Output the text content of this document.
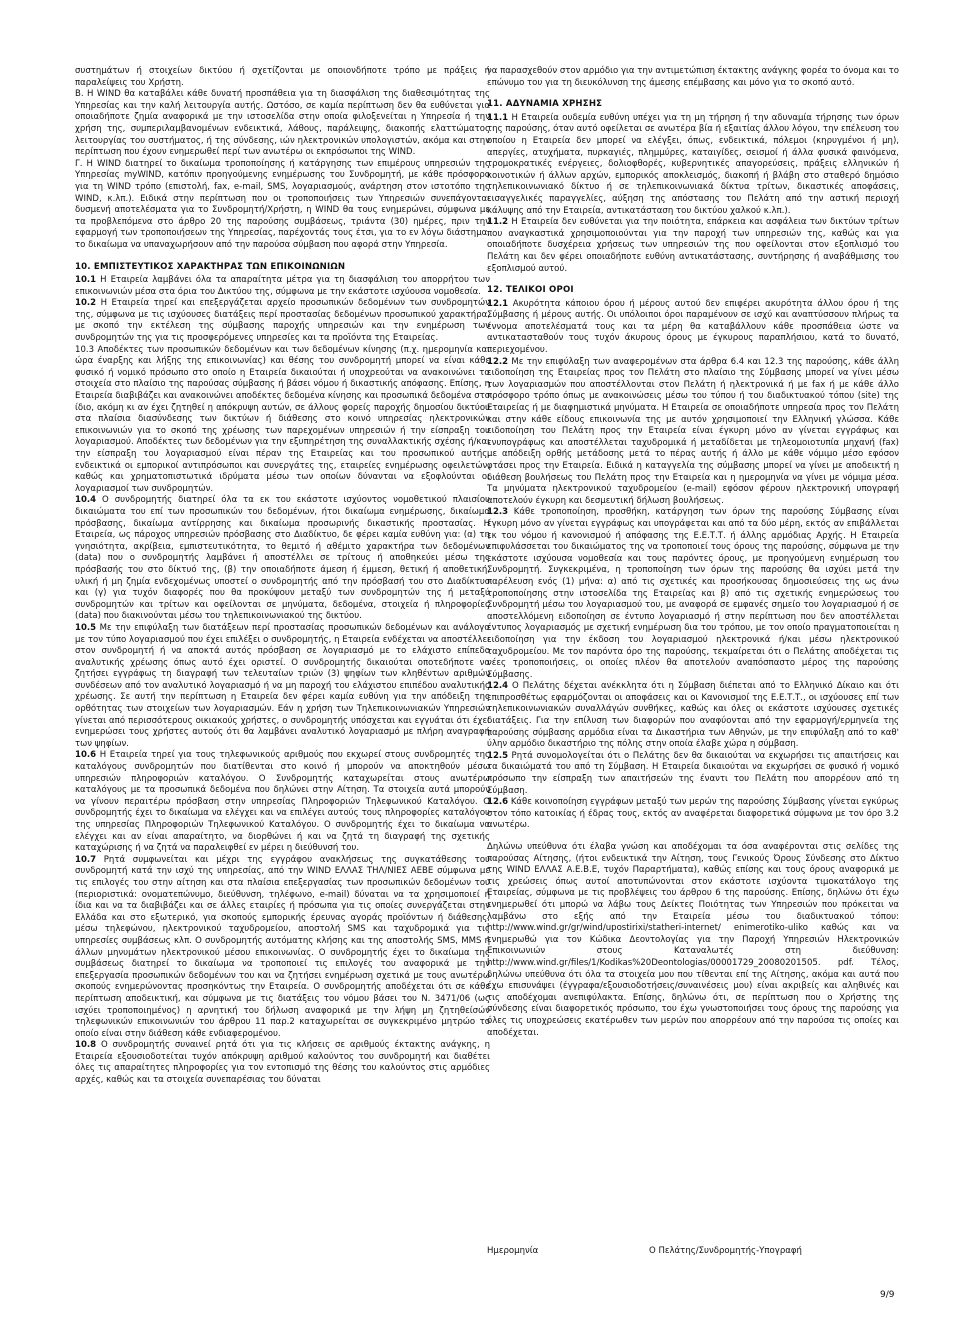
συστημάτων ή στοιχείων δικτύου ή σχετίζονται με οποιονδήποτε τρόπο με πράξεις ή παραλείψεις του Χρήστη.

Β. Η WIND θα καταβάλει κάθε δυνατή προσπάθεια για τη διασφάλιση της διαθεσιμότητας της Υπηρεσίας και την καλή λειτουργία αυτής. Ωστόσο, σε καμία περίπτωση δεν θα ευθύνεται για οποιαδήποτε ζημία αναφορικά με την ιστοσελίδα στην οποία φιλοξενείται η Υπηρεσία ή την χρήση της, συμπεριλαμβανομένων ενδεικτικά, λάθους, παράλειψης, διακοπής ελαττώματος λειτουργίας του συστήματος, ή της σύνδεσης, ιών ηλεκτρονικών υπολογιστών, ακόμα και στην περίπτωση που έχουν ενημερωθεί περί των ανωτέρω οι εκπρόσωποι της WIND.

Γ. Η WIND διατηρεί το δικαίωμα τροποποίησης ή κατάργησης των επιμέρους υπηρεσιών της Υπηρεσίας myWIND, κατόπιν προηγούμενης ενημέρωσης του Συνδρομητή, με κάθε πρόσφορο για τη WIND τρόπο (επιστολή, fax, e-mail, SMS, λογαριασμούς, ανάρτηση στον ιστοτόπο της WIND, κ.λπ.). Ειδικά στην περίπτωση που οι τροποποιήσεις των Υπηρεσιών συνεπάγονται δυσμενή αποτελέσματα για το Συνδρομητή/Χρήστη, η WIND θα τους ενημερώνει, σύμφωνα με τα προβλεπόμενα στο άρθρο 20 της παρούσης συμβάσεως, τριάντα (30) ημέρες, πριν την εφαρμογή των τροποποιήσεων της Υπηρεσίας, παρέχοντάς τους έτσι, για το εν λόγω διάστημα, το δικαίωμα να υπαναχωρήσουν από την παρούσα σύμβαση που αφορά στην Υπηρεσία.

10. ΕΜΠΙΣΤΕΥΤΙΚΟΣ ΧΑΡΑΚΤΗΡΑΣ ΤΩΝ ΕΠΙΚΟΙΝΩΝΙΩΝ

10.1 Η Εταιρεία λαμβάνει όλα τα απαραίτητα μέτρα για τη διασφάλιση του απορρήτου των επικοινωνιών μέσα στα όρια του Δικτύου της, σύμφωνα με την εκάστοτε ισχύουσα νομοθεσία.

10.2 Η Εταιρεία τηρεί και επεξεργάζεται αρχείο προσωπικών δεδομένων των συνδρομητών της, σύμφωνα με τις ισχύουσες διατάξεις περί προστασίας δεδομένων προσωπικού χαρακτήρα, με σκοπό την εκτέλεση της σύμβασης παροχής υπηρεσιών και την ενημέρωση των συνδρομητών της για τις προσφερόμενες υπηρεσίες και τα προϊόντα της Εταιρείας.

10.3 Αποδέκτες των προσωπικών δεδομένων και των δεδομένων κίνησης (π.χ. ημερομηνία και ώρα έναρξης και λήξης της επικοινωνίας) και θέσης του συνδρομητή μπορεί να είναι κάθε φυσικό ή νομικό πρόσωπο στο οποίο η Εταιρεία δικαιούται ή υποχρεούται να ανακοινώνει τα στοιχεία στο πλαίσιο της παρούσας σύμβασης ή βάσει νόμου ή δικαστικής απόφασης. Επίσης, η Εταιρεία διαβιβάζει και ανακοινώνει αποδέκτες δεδομένα κίνησης και προσωπικά δεδομένα στο ίδιο, ακόμη κι αν έχει ζητηθεί η απόκρυψη αυτών, σε άλλους φορείς παροχής δημοσίου δικτύου στα πλαίσια διασύνδεσης των δικτύων ή διάθεσης στο κοινό υπηρεσίας ηλεκτρονικών επικοινωνιών για το σκοπό της χρέωσης των παρεχομένων υπηρεσιών ή την είσπραξη του λογαριασμού. Αποδέκτες των δεδομένων για την εξυπηρέτηση της συναλλακτικής σχέσης ή/και την είσπραξη του λογαριασμού είναι πέραν της Εταιρείας και του προσωπικού αυτής, ενδεικτικά οι εμπορικοί αντιπρόσωποι και συνεργάτες της, εταιρείες ενημέρωσης οφειλετών, καθώς και χρηματοπιστωτικά ιδρύματα μέσω των οποίων δύνανται να εξοφλούνται οι λογαριασμοί των συνδρομητών.

10.4 Ο συνδρομητής διατηρεί όλα τα εκ του εκάστοτε ισχύοντος νομοθετικού πλαισίου δικαιώματα του επί των προσωπικών του δεδομένων, ήτοι δικαίωμα ενημέρωσης, δικαίωμα πρόσβασης, δικαίωμα αντίρρησης και δικαίωμα προσωρινής δικαστικής προστασίας. Η Εταιρεία, ως πάροχος υπηρεσιών πρόσβασης στο Διαδίκτυο, δε φέρει καμία ευθύνη για: (α) τη γνησιότητα, ακρίβεια, εμπιστευτικότητα, το θεμιτό ή αθέμιτο χαρακτήρα των δεδομένων (data) που ο συνδρομητής λαμβάνει ή αποστέλλει σε τρίτους ή αποθηκεύει μέσω της πρόσβασής του στο δίκτυό της, (β) την οποιαδήποτε άμεση ή έμμεση, θετική ή αποθετική, υλική ή μη ζημία ενδεχομένως υποστεί ο συνδρομητής από την πρόσβασή του στο Διαδίκτυο και (γ) για τυχόν διαφορές που θα προκύψουν μεταξύ των συνδρομητών της ή μεταξύ συνδρομητών και τρίτων και οφείλονται σε μηνύματα, δεδομένα, στοιχεία ή πληροφορίες (data) που διακινούνται μέσω του τηλεπικοινωνιακού της δικτύου.

10.5 Με την επιφύλαξη των διατάξεων περί προστασίας προσωπικών δεδομένων και ανάλογα με τον τύπο λογαριασμού που έχει επιλέξει ο συνδρομητής, η Εταιρεία ενδέχεται να αποστέλλει στον συνδρομητή ή να αποκτά αυτός πρόσβαση σε λογαριασμό με το ελάχιστο επίπεδο αναλυτικής χρέωσης όπως αυτό έχει οριστεί. Ο συνδρομητής δικαιούται οποτεδήποτε να ζητήσει εγγράφως τη διαγραφή των τελευταίων τριών (3) ψηφίων των κληθέντων αριθμών συνδέσεων από τον αναλυτικό λογαριασμό ή να μη παροχή του ελάχιστου επιπέδου αναλυτικής χρέωσης. Σε αυτή την περίπτωση η Εταιρεία δεν φέρει καμία ευθύνη για την απόδειξη της ορθότητας των στοιχείων των λογαριασμών. Εάν η χρήση των Τηλεπικοινωνιακών Υπηρεσιών γίνεται από περισσότερους οικιακούς χρήστες, ο συνδρομητής υπόσχεται και εγγυάται ότι έχει ενημερώσει τους χρήστες αυτούς ότι θα λαμβάνει αναλυτικό λογαριασμό με πλήρη αναγραφή των ψηφίων.

10.6 Η Εταιρεία τηρεί για τους τηλεφωνικούς αριθμούς που εκχωρεί στους συνδρομητές της καταλόγους συνδρομητών που διατίθενται στο κοινό ή μπορούν να αποκτηθούν μέσω υπηρεσιών πληροφοριών καταλόγου. Ο Συνδρομητής καταχωρείται στους ανωτέρω καταλόγους με τα προσωπικά δεδομένα που δηλώνει στην Αίτηση. Τα στοιχεία αυτά μπορούν να γίνουν περαιτέρω πρόσβαση στην υπηρεσίας Πληροφοριών Τηλεφωνικού Καταλόγου. Ο συνδρομητής έχει το δικαίωμα να ελέγχει και να επιλέγει αυτούς τους πληροφορίες καταλόγου της υπηρεσίας Πληροφοριών Τηλεφωνικού Καταλόγου. Ο συνδρομητής έχει το δικαίωμα να ελέγχει και αν είναι απαραίτητο, να διορθώνει ή και να ζητά τη διαγραφή της σχετικής καταχώρισης ή να ζητά να παραλειφθεί εν μέρει η διεύθυνσή του.

10.7 Ρητά συμφωνείται και μέχρι της εγγράφου ανακλήσεως της συγκατάθεσης του συνδρομητή κατά την ισχύ της υπηρεσίας, από την WIND ΕΛΛΑΣ ΤΗΛ/ΝΙΕΣ ΑΕΒΕ σύμφωνα με τις επιλογές του στην αίτηση και στα πλαίσια επεξεργασίας των προσωπικών δεδομένων του (περιοριστικά: ονοματεπώνυμο, διεύθυνση, τηλέφωνο, e-mail) δύναται να τα χρησιμοποιεί ή ίδια και να τα διαβιβάζει και σε άλλες εταιρίες ή πρόσωπα για τις οποίες συνεργάζεται στην Ελλάδα και στο εξωτερικό, για σκοπούς εμπορικής έρευνας αγοράς προϊόντων ή διάθεσης, μέσω τηλεφώνου, ηλεκτρονικού ταχυδρομείου, αποστολή SMS και ταχυδρομικά για τις υπηρεσίες συμβάσεως κλπ. Ο συνδρομητής αυτόματης κλήσης και της αποστολής SMS, MMS ή άλλων μηνυμάτων ηλεκτρονικού μέσου επικοινωνίας. Ο συνδρομητής έχει το δικαίωμα της συμβάσεως διατηρεί το δικαίωμα να τροποποιεί τις επιλογές του αναφορικά με την επεξεργασία προσωπικών δεδομένων του και να ζητήσει ενημέρωση σχετικά με τους ανωτέρω σκοπούς ενημερώνοντας προσηκόντως την Εταιρεία. Ο συνδρομητής αποδέχεται ότι σε κάθε περίπτωση αποδεικτική, και σύμφωνα με τις διατάξεις του νόμου βάσει του Ν. 3471/06 (ως ισχύει τροποποιημένος) η αρνητική του δήλωση αναφορικά με την λήψη μη ζητηθείσών τηλεφωνικών επικοινωνιών του άρθρου 11 παρ.2 καταχωρείται σε συγκεκριμένο μητρώο το οποίο είναι στην διάθεση κάθε ενδιαφερομένου.

10.8 Ο συνδρομητής συναινεί ρητά ότι για τις κλήσεις σε αριθμούς έκτακτης ανάγκης, η Εταιρεία εξουσιοδοτείται τυχόν απόκρυψη αριθμού καλούντος του συνδρομητή και διαθέτει όλες τις απαραίτητες πληροφορίες για τον εντοπισμό της θέσης του καλούντος στις αρμόδιες αρχές, καθώς και τα στοιχεία συνεπαρέσιας του δύναται

να παρασχεθούν στον αρμόδιο για την αντιμετώπιση έκτακτης ανάγκης φορέα το όνομα και το επώνυμο του για τη διευκόλυνση της άμεσης επέμβασης και μόνο για το σκοπό αυτό.

11. ΑΔΥΝΑΜΙΑ ΧΡΗΣΗΣ

11.1 Η Εταιρεία ουδεμία ευθύνη υπέχει για τη μη τήρηση ή την αδυναμία τήρησης των όρων της παρούσης, όταν αυτό οφείλεται σε ανωτέρα βία ή εξαιτίας άλλου λόγου, την επέλευση του οποίου η Εταιρεία δεν μπορεί να ελέγξει, όπως, ενδεικτικά, πόλεμοι (κηρυγμένοι ή μη), απεργίες, ατυχήματα, πυρκαγιές, πλημμύρες, καταιγίδες, σεισμοί ή άλλα φυσικά φαινόμενα, τρομοκρατικές ενέργειες, δολιοφθορές, κυβερνητικές απαγορεύσεις, πράξεις ελληνικών ή κοινοτικών ή άλλων αρχών, εμπορικός αποκλεισμός, διακοπή ή βλάβη στο σταθερό δημόσιο τηλεπικοινωνιακό δίκτυο ή σε τηλεπικοινωνιακά δίκτυα τρίτων, δικαστικές αποφάσεις, εισαγγελικές παραγγελίες, αύξηση της απόστασης του Πελάτη από την αστική περιοχή κάλυψης από την Εταιρεία, αντικατάσταση του δικτύου χαλκού κ.λπ.).

11.2 Η Εταιρεία δεν ευθύνεται για την ποιότητα, επάρκεια και ασφάλεια των δικτύων τρίτων που αναγκαστικά χρησιμοποιούνται για την παροχή των υπηρεσιών της, καθώς και για οποιαδήποτε δυσχέρεια χρήσεως των υπηρεσιών της που οφείλονται στον εξοπλισμό του Πελάτη και δεν φέρει οποιαδήποτε ευθύνη αντικατάστασης, συντήρησης ή αναβάθμισης του εξοπλισμού αυτού.

12. ΤΕΛΙΚΟΙ ΟΡΟΙ

12.1 Ακυρότητα κάποιου όρου ή μέρους αυτού δεν επιφέρει ακυρότητα άλλου όρου ή της Σύμβασης ή μέρους αυτής. Οι υπόλοιποι όροι παραμένουν σε ισχύ και αναπτύσσουν πλήρως τα έννομα αποτελέσματά τους και τα μέρη θα καταβάλλουν κάθε προσπάθεια ώστε να αντικατασταθούν τους τυχόν άκυρους όρους με έγκυρους παραπλήσιου, κατά το δυνατό, περιεχομένου.

12.2 Με την επιφύλαξη των αναφερομένων στα άρθρα 6.4 και 12.3 της παρούσης, κάθε άλλη ειδοποίηση της Εταιρείας προς τον Πελάτη στο πλαίσιο της Σύμβασης μπορεί να γίνει μέσω των λογαριασμών που αποστέλλονται στον Πελάτη ή ηλεκτρονικά ή με fax ή με κάθε άλλο πρόσφορο τρόπο όπως με ανακοινώσεις μέσω του τύπου ή του διαδικτυακού τόπου (site) της Εταιρείας ή με διαφημιστικά μηνύματα. Η Εταιρεία σε οποιαδήποτε υπηρεσία προς τον Πελάτη και στην κάθε είδους επικοινωνία της με αυτόν χρησιμοποιεί την Ελληνική γλώσσα. Κάθε ειδοποίηση του Πελάτη προς την Εταιρεία είναι έγκυρη μόνο αν γίνεται εγγράφως και ενυπογράφως και αποστέλλεται ταχυδρομικά ή μεταδίδεται με τηλεομοιοτυπία μηχανή (fax) με απόδειξη ορθής μετάδοσης μετά το πέρας αυτής ή άλλο με κάθε νόμιμο μέσο εφόσον φτάσει προς την Εταιρεία. Ειδικά η καταγγελία της σύμβασης μπορεί να γίνει με αποδεικτή η διάθεση βουλήσεως του Πελάτη προς την Εταιρεία και η ημερομηνία να γίνει με νόμιμα μέσα. Τα μηνύματα ηλεκτρονικού ταχυδρομείου (e-mail) εφόσον φέρουν ηλεκτρονική υπογραφή αποτελούν έγκυρη και δεσμευτική δήλωση βουλήσεως.

12.3 Κάθε τροποποίηση, προσθήκη, κατάργηση των όρων της παρούσης Σύμβασης είναι έγκυρη μόνο αν γίνεται εγγράφως και υπογράφεται και από τα δύο μέρη, εκτός αν επιβάλλεται εκ του νόμου ή κανονισμού ή απόφασης της Ε.Ε.Τ.Τ. ή άλλης αρμόδιας Αρχής. Η Εταιρεία επιφυλάσσεται του δικαιώματος της να τροποποιεί τους όρους της παρούσης, σύμφωνα με την εκάστοτε ισχύουσα νομοθεσία και τους παρόντες όρους, με προηγούμενη ενημέρωση του Συνδρομητή. Συγκεκριμένα, η τροποποίηση των όρων της παρούσης θα ισχύει μετά την παρέλευση ενός (1) μήνα: α) από τις σχετικές και προσήκουσας δημοσιεύσεις της ως άνω τροποποίησης στην ιστοσελίδα της Εταιρείας και β) από τις σχετικής ενημερώσεως του Συνδρομητή μέσω του λογαριασμού του, με αναφορά σε εμφανές σημείο του λογαριασμού ή σε αποστελλόμενη ειδοποίηση σε έντυπο λογαριασμό ή στην περίπτωση που δεν αποστέλλεται έντυπος λογαριασμός με σχετική ενημέρωση δια του τρόπου, με τον οποίο πραγματοποιείται η ειδοποίηση για την έκδοση του λογαριασμού ηλεκτρονικά ή/και μέσω ηλεκτρονικού ταχυδρομείου. Με τον παρόντα όρο της παρούσης, τεκμαίρεται ότι ο Πελάτης αποδέχεται τις νέες τροποποιήσεις, οι οποίες πλέον θα αποτελούν αναπόσπαστο μέρος της παρούσης Σύμβασης.

12.4 Ο Πελάτης δέχεται ανέκκλητα ότι η Σύμβαση διέπεται από το Ελληνικό Δίκαιο και ότι επιπροσθέτως εφαρμόζονται οι αποφάσεις και οι Κανονισμοί της Ε.Ε.Τ.Τ., οι ισχύουσες επί των τηλεπικοινωνιακών συναλλάγών συνθήκες, καθώς και όλες οι εκάστοτε ισχύουσες σχετικές διατάξεις. Για την επίλυση των διαφορών που αναφύονται από την εφαρμογή/ερμηνεία της παρούσης σύμβασης αρμόδια είναι τα Δικαστήρια των Αθηνών, με την επιφύλαξη από το καθ' ύλην αρμόδιο δικαστήριο της πόλης στην οποία έλαβε χώρα η σύμβαση.

12.5 Ρητά συνομολογείται ότι ο Πελάτης δεν θα δικαιούται να εκχωρήσει τις απαιτήσεις και τα δικαιώματά του από τη Σύμβαση. Η Εταιρεία δικαιούται να εκχωρήσει σε φυσικό ή νομικό πρόσωπο την είσπραξη των απαιτήσεών της έναντι του Πελάτη που απορρέουν από τη Σύμβαση.

12.6 Κάθε κοινοποίηση εγγράφων μεταξύ των μερών της παρούσης Σύμβασης γίνεται εγκύρως στον τόπο κατοικίας ή έδρας τους, εκτός αν αναφέρεται διαφορετικά σύμφωνα με τον όρο 3.2 ανωτέρω.

Δηλώνω υπεύθυνα ότι έλαβα γνώση και αποδέχομαι τα όσα αναφέρονται στις σελίδες της παρούσας Αίτησης, (ήτοι ενδεικτικά την Αίτηση, τους Γενικούς Όρους Σύνδεσης στο Δίκτυο της WIND ΕΛΛΑΣ Α.Ε.Β.Ε, τυχόν Παραρτήματα), καθώς επίσης και τους όρους αναφορικά με τις χρεώσεις όπως αυτοί αποτυπώνονται στον εκάστοτε ισχύοντα τιμοκατάλογο της Εταιρείας, σύμφωνα με τις προβλέψεις του άρθρου 6 της παρούσης. Επίσης, δηλώνω ότι έχω ενημερωθεί ότι μπορώ να λάβω τους Δείκτες Ποιότητας των Υπηρεσιών που πρόκειται να λαμβάνω στο εξής από την Εταιρεία μέσω του διαδικτυακού τόπου: http://www.wind.gr/gr/wind/upostirixi/statheri-internet/ enimerotiko-uliko καθώς και να ενημερωθώ για τον Κώδικα Δεοντολογίας για την Παροχή Υπηρεσιών Ηλεκτρονικών Επικοινωνιών στους Καταναλωτές στη διεύθυνση: http://www.wind.gr/files/1/Kodikas%20Deontologias/00001729_20080201505. pdf. Τέλος, δηλώνω υπεύθυνα ότι όλα τα στοιχεία μου που τίθενται επί της Αίτησης, ακόμα και αυτά που έχω επισυνάψει (έγγραφα/εξουσιοδοτήσεις/συναινέσεις μου) είναι ακριβείς και αληθινές και τις αποδέχομαι ανεπιφύλακτα. Επίσης, δηλώνω ότι, σε περίπτωση που ο Χρήστης της σύνδεσης είναι διαφορετικός πρόσωπο, του έχω γνωστοποιήσει τους όρους της παρούσης για όλες τις υποχρεώσεις εκατέρωθεν των μερών που απορρέουν από την παρούσα τις οποίες και αποδέχεται.

Ημερομηνία	Ο Πελάτης/Συνδρομητής-Υπογραφή
9/9
